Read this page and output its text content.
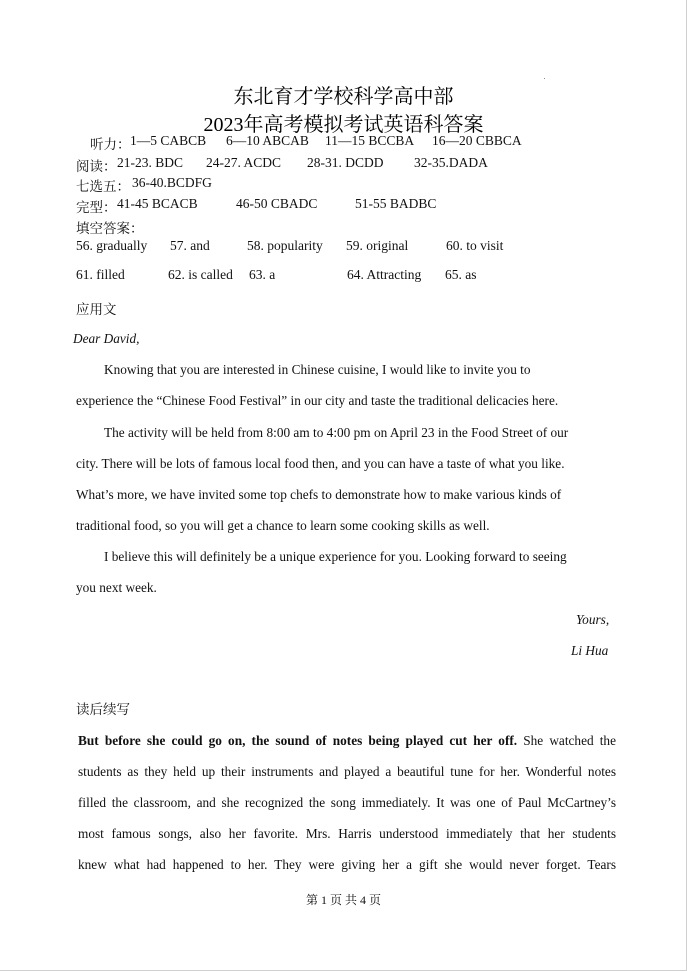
东北育才学校科学高中部
2023年高考模拟考试英语科答案
听力： 1—5 CABCB 6—10 ABCAB 11—15 BCCBA 16—20 CBBCA
阅读： 21-23. BDC 24-27. ACDC 28-31. DCDD 32-35.DADA
七选五： 36-40.BCDFG
完型： 41-45 BCACB	46-50 CBADC	51-55 BADBC
填空答案：
56. gradually 57. and	58. popularity 59. original	60. to visit
61. filled	62. is called 63. a	64. Attracting 65. as
应用文
Dear David,
Knowing that you are interested in Chinese cuisine, I would like to invite you to
experience the “Chinese Food Festival” in our city and taste the traditional delicacies here.
The activity will be held from 8:00 am to 4:00 pm on April 23 in the Food Street of our
city. There will be lots of famous local food then, and you can have a taste of what you like.
What’s more, we have invited some top chefs to demonstrate how to make various kinds of
traditional food, so you will get a chance to learn some cooking skills as well.
I believe this will definitely be a unique experience for you. Looking forward to seeing
you next week.
Yours,
Li Hua
读后续写
But before she could go on, the sound of notes being played cut her off. She watched the
students as they held up their instruments and played a beautiful tune for her. Wonderful notes
filled the classroom, and she recognized the song immediately. It was one of Paul McCartney’s
most famous songs, also her favorite. Mrs. Harris understood immediately that her students
knew what had happened to her. They were giving her a gift she would never forget. Tears
第 1 页 共 4 页
